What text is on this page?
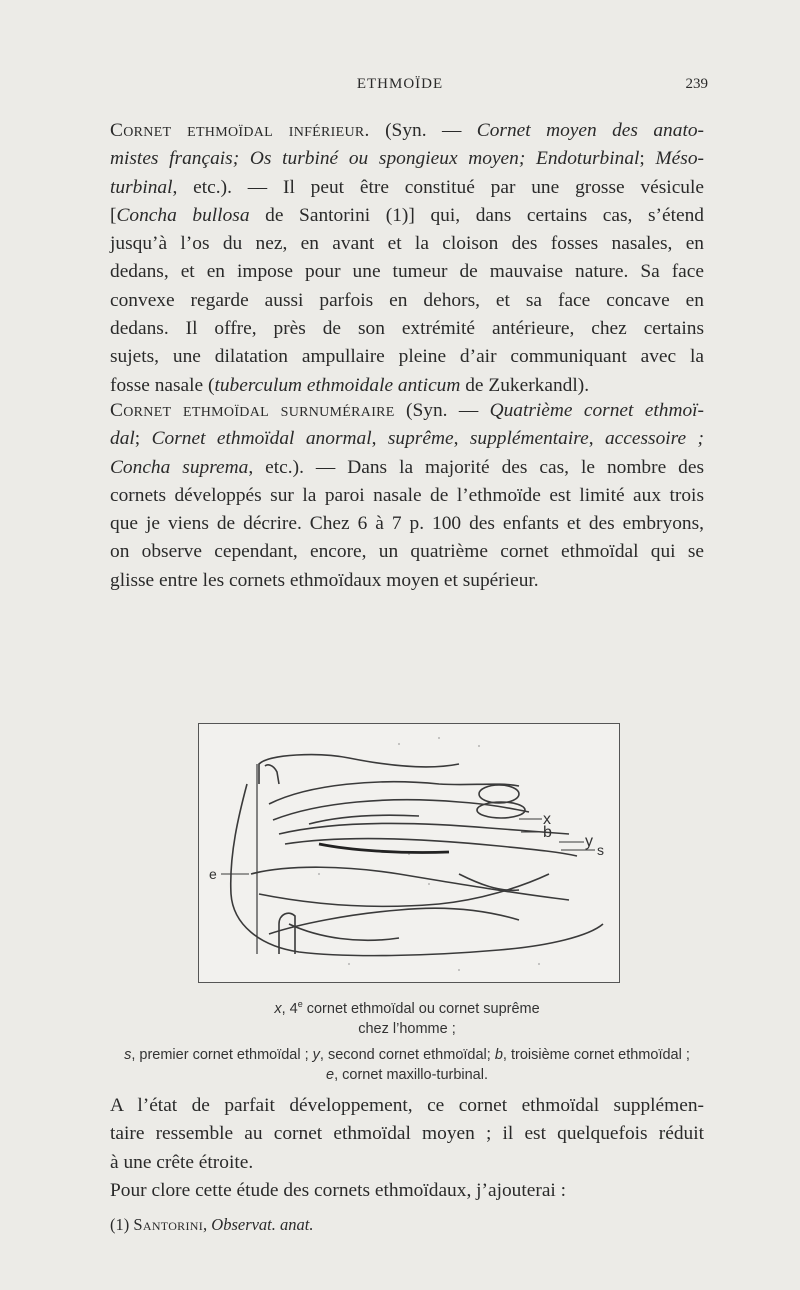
ETHMOÏDE	239
Cornet ethmoïdal inférieur. (Syn. — Cornet moyen des anato-
mistes français; Os turbiné ou spongieux moyen; Endoturbinal; Méso-
turbinal, etc.). — Il peut être constitué par une grosse vésicule
[Concha bullosa de Santorini (1)] qui, dans certains cas, s’étend
jusqu’à l’os du nez, en avant et la cloison des fosses nasales, en
dedans, et en impose pour une tumeur de mauvaise nature. Sa face
convexe regarde aussi parfois en dehors, et sa face concave en
dedans. Il offre, près de son extrémité antérieure, chez certains
sujets, une dilatation ampullaire pleine d’air communiquant avec la
fosse nasale (tuberculum ethmoidale anticum de Zukerkandl).
Cornet ethmoïdal surnuméraire (Syn. — Quatrième cornet ethmoï-
dal; Cornet ethmoïdal anormal, suprême, supplémentaire, accessoire ;
Concha suprema, etc.). — Dans la majorité des cas, le nombre des
cornets développés sur la paroi nasale de l’ethmoïde est limité aux trois
que je viens de décrire. Chez 6 à 7 p. 100 des enfants et des embryons,
on observe cependant, encore, un quatrième cornet ethmoïdal qui se
glisse entre les cornets ethmoïdaux moyen et supérieur.
x
b
y s
e
x, 4e cornet ethmoïdal ou cornet suprême
chez l’homme ;
s, premier cornet ethmoïdal ; y, second cornet ethmoïdal; b, troisième cornet ethmoïdal ;
e, cornet maxillo-turbinal.
A l’état de parfait développement, ce cornet ethmoïdal supplémen-
taire ressemble au cornet ethmoïdal moyen ; il est quelquefois réduit
à une crête étroite.
Pour clore cette étude des cornets ethmoïdaux, j’ajouterai :
(1) Santorini, Observat. anat.
